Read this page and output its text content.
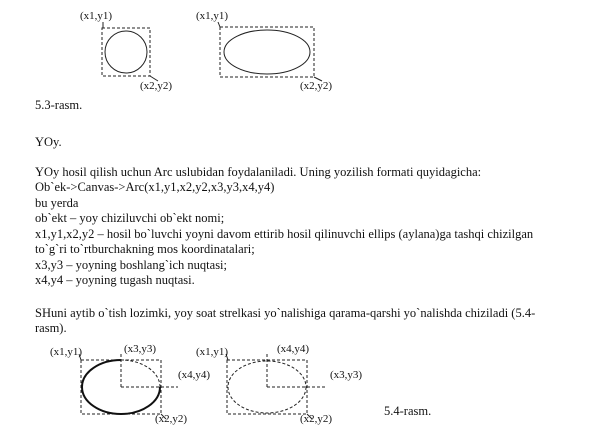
(x1,y1)
(x2,y2)
(x1,y1)
(x2,y2)
5.3-rasm.
YOy.
YOy hosil qilish uchun Arc uslubidan foydalaniladi. Uning yozilish formati quyidagicha:
Ob`ek->Canvas->Arc(x1,y1,x2,y2,x3,y3,x4,y4)
bu yerda
ob`ekt – yoy chiziluvchi ob`ekt nomi;
x1,y1,x2,y2 – hosil bo`luvchi yoyni davom ettirib hosil qilinuvchi ellips (aylana)ga tashqi chizilgan
to`g`ri to`rtburchakning mos koordinatalari;
x3,y3 – yoyning boshlang`ich nuqtasi;
x4,y4 – yoyning tugash nuqtasi.
SHuni aytib o`tish lozimki, yoy soat strelkasi yo`nalishiga qarama-qarshi yo`nalishda chiziladi (5.4-
rasm).
(x1,y1)	(x3,y3)
(x4,y4)
(x2,y2)
(x1,y1)	(x4,y4)
(x3,y3)
(x2,y2)
5.4-rasm.
